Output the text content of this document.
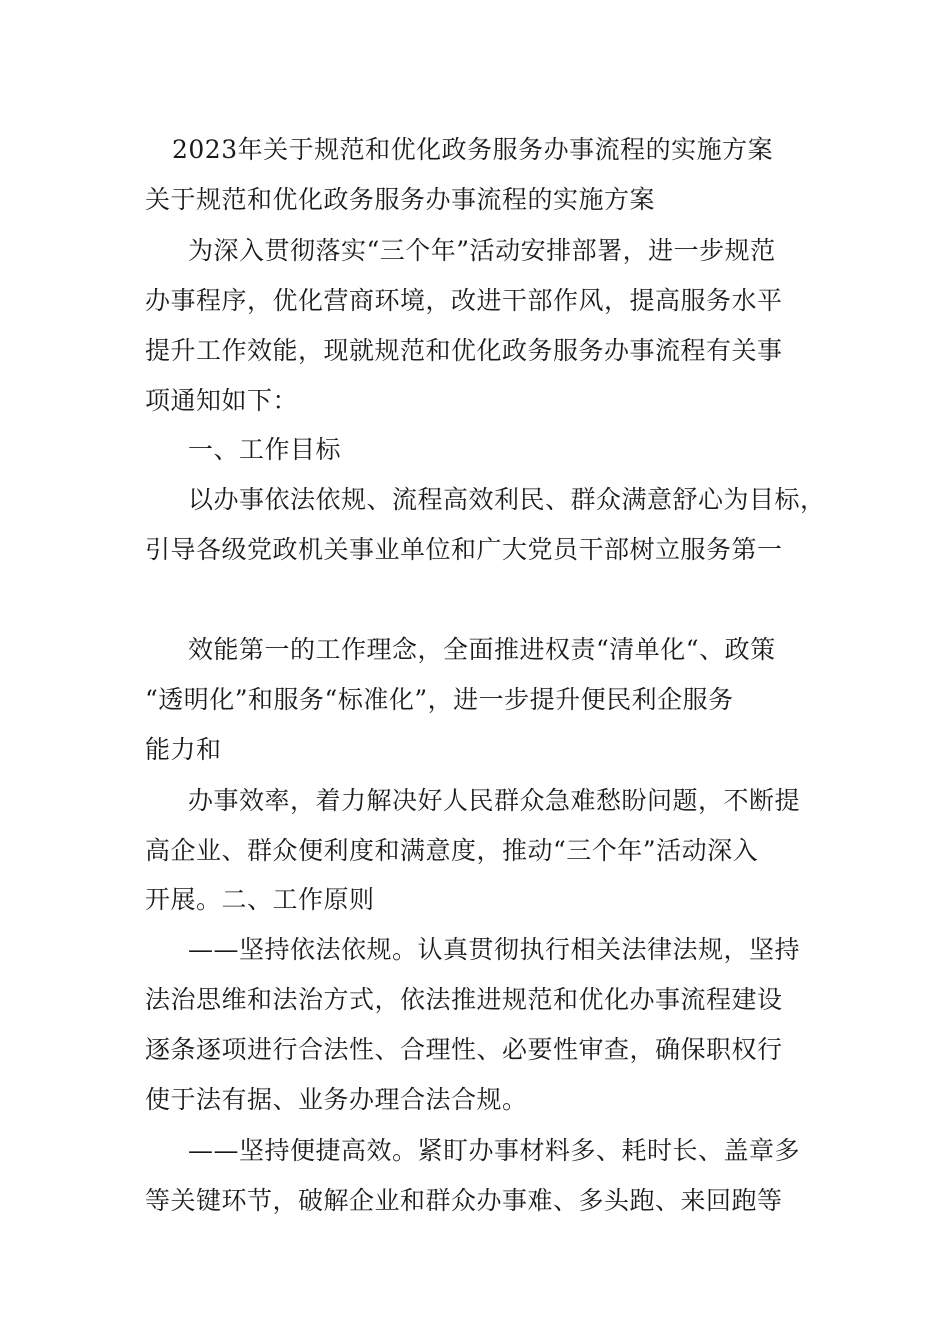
2023年关于规范和优化政务服务办事流程的实施方案
关于规范和优化政务服务办事流程的实施方案
为深入贯彻落实“三个年”活动安排部署，进一步规范
办事程序，优化营商环境，改进干部作风，提高服务水平
提升工作效能，现就规范和优化政务服务办事流程有关事
项通知如下：
一、工作目标
以办事依法依规、流程高效利民、群众满意舒心为目标，
引导各级党政机关事业单位和广大党员干部树立服务第一
效能第一的工作理念，全面推进权责“清单化“、政策
“透明化”和服务“标准化”，进一步提升便民利企服务
能力和
办事效率，着力解决好人民群众急难愁盼问题，不断提
高企业、群众便利度和满意度，推动“三个年”活动深入
开展。二、工作原则
——坚持依法依规。认真贯彻执行相关法律法规，坚持
法治思维和法治方式，依法推进规范和优化办事流程建设
逐条逐项进行合法性、合理性、必要性审查，确保职权行
使于法有据、业务办理合法合规。
——坚持便捷高效。紧盯办事材料多、耗时长、盖章多
等关键环节，破解企业和群众办事难、多头跑、来回跑等
